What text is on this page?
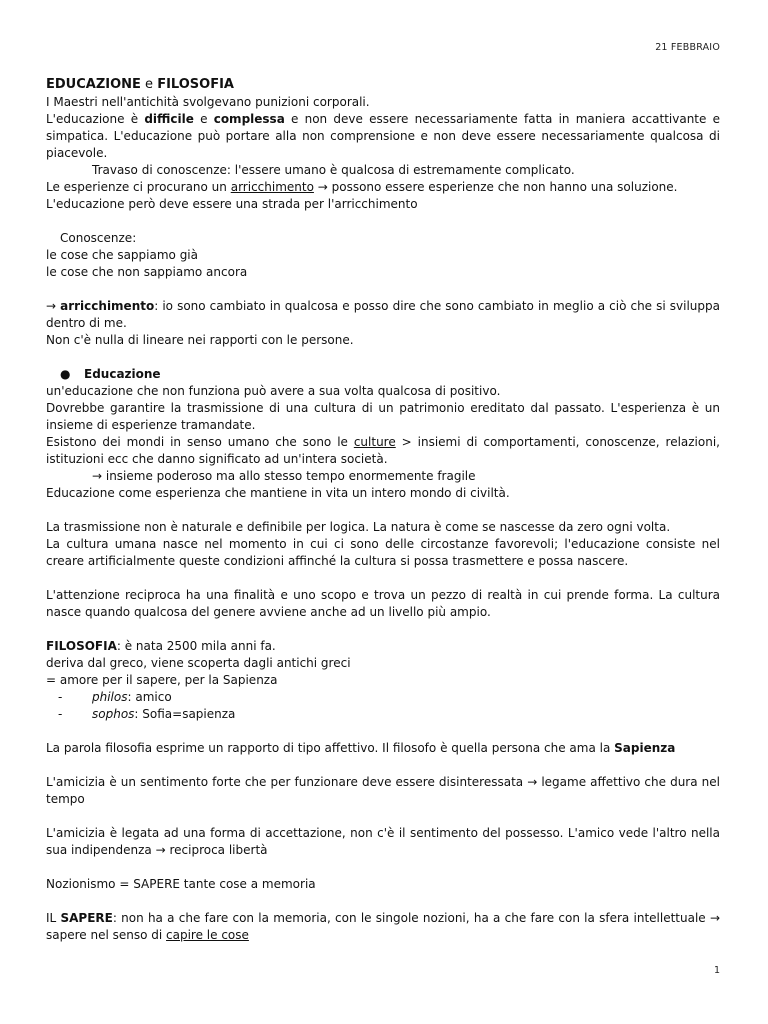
21 FEBBRAIO

EDUCAZIONE e FILOSOFIA

I Maestri nell'antichità svolgevano punizioni corporali.

L'educazione è difficile e complessa e non deve essere necessariamente fatta in maniera accattivante e simpatica. L'educazione può portare alla non comprensione e non deve essere necessariamente qualcosa di piacevole.

Travaso di conoscenze: l'essere umano è qualcosa di estremamente complicato.

Le esperienze ci procurano un arricchimento → possono essere esperienze che non hanno una soluzione.

L'educazione però deve essere una strada per l'arricchimento

Conoscenze:

le cose che sappiamo già

le cose che non sappiamo ancora

→ arricchimento: io sono cambiato in qualcosa e posso dire che sono cambiato in meglio a ciò che si sviluppa dentro di me.

Non c'è nulla di lineare nei rapporti con le persone.

●	Educazione

un'educazione che non funziona può avere a sua volta qualcosa di positivo.

Dovrebbe garantire la trasmissione di una cultura di un patrimonio ereditato dal passato. L'esperienza è un insieme di esperienze tramandate.

Esistono dei mondi in senso umano che sono le culture > insiemi di comportamenti, conoscenze, relazioni, istituzioni ecc che danno significato ad un'intera società.

→ insieme poderoso ma allo stesso tempo enormemente fragile

Educazione come esperienza che mantiene in vita un intero mondo di civiltà.

La trasmissione non è naturale e definibile per logica. La natura è come se nascesse da zero ogni volta.

La cultura umana nasce nel momento in cui ci sono delle circostanze favorevoli; l'educazione consiste nel creare artificialmente queste condizioni affinché la cultura si possa trasmettere e possa nascere.

L'attenzione reciproca ha una finalità e uno scopo e trova un pezzo di realtà in cui prende forma. La cultura nasce quando qualcosa del genere avviene anche ad un livello più ampio.

FILOSOFIA: è nata 2500 mila anni fa.

deriva dal greco, viene scoperta dagli antichi greci

= amore per il sapere, per la Sapienza

-	philos: amico
-	sophos: Sofia=sapienza

La parola filosofia esprime un rapporto di tipo affettivo. Il filosofo è quella persona che ama la Sapienza

L'amicizia è un sentimento forte che per funzionare deve essere disinteressata → legame affettivo che dura nel tempo

L'amicizia è legata ad una forma di accettazione, non c'è il sentimento del possesso. L'amico vede l'altro nella sua indipendenza → reciproca libertà

Nozionismo = SAPERE tante cose a memoria

IL SAPERE: non ha a che fare con la memoria, con le singole nozioni, ha a che fare con la sfera intellettuale → sapere nel senso di capire le cose

1
